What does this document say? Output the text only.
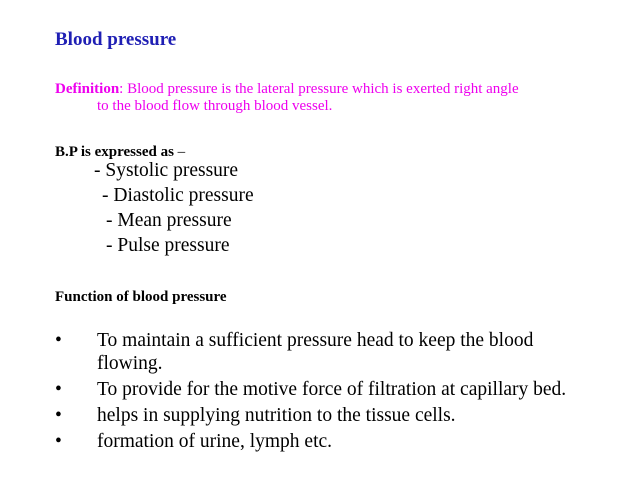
Blood pressure
Definition: Blood pressure is the lateral pressure which is exerted right angle
to the blood flow through blood vessel.
B.P is expressed as –
- Systolic pressure
- Diastolic pressure
- Mean pressure
- Pulse pressure
Function of blood pressure
• To maintain a sufficient pressure head to keep the blood
flowing.
• To provide for the motive force of filtration at capillary bed.
• helps in supplying nutrition to the tissue cells.
• formation of urine, lymph etc.
